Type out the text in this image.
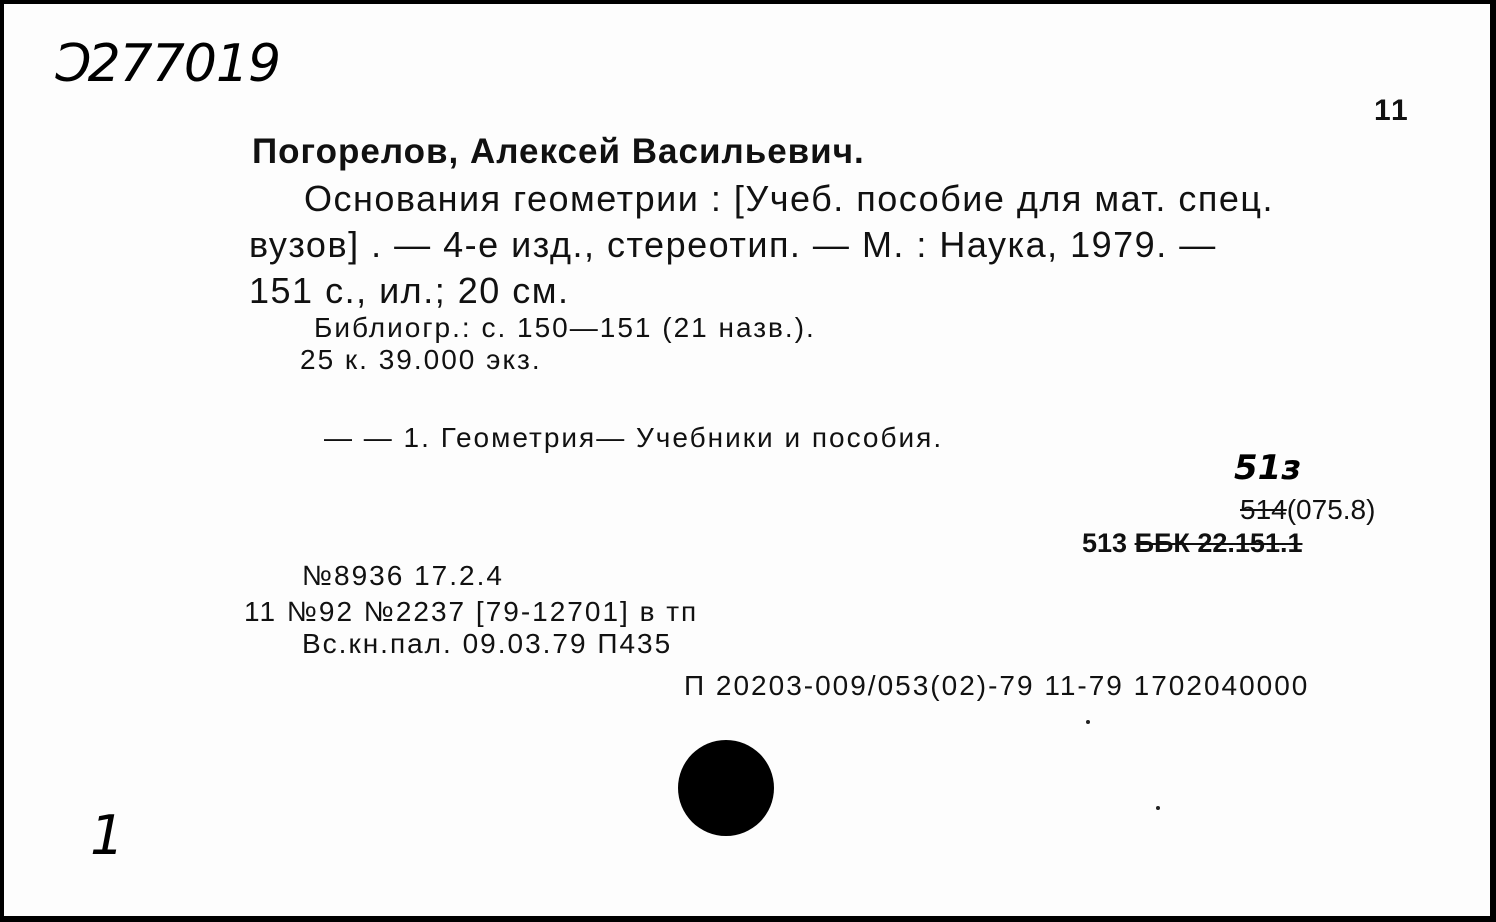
Ɔ277019
11
Погорелов, Алексей Васильевич.
Основания геометрии : [Учеб. пособие для мат. спец.
вузов] . — 4-е изд., стереотип. — М. : Наука, 1979. —
151 с., ил.; 20 см.
Библиогр.: с. 150—151 (21 назв.).
25 к. 39.000 экз.
— — 1. Геометрия— Учебники и пособия.
51з
514(075.8)
513 ББК 22.151.1
№8936 17.2.4
11 №92 №2237 [79-12701] в тп
Вс.кн.пал. 09.03.79 П435
П 20203-009/053(02)-79 11-79 1702040000
1
